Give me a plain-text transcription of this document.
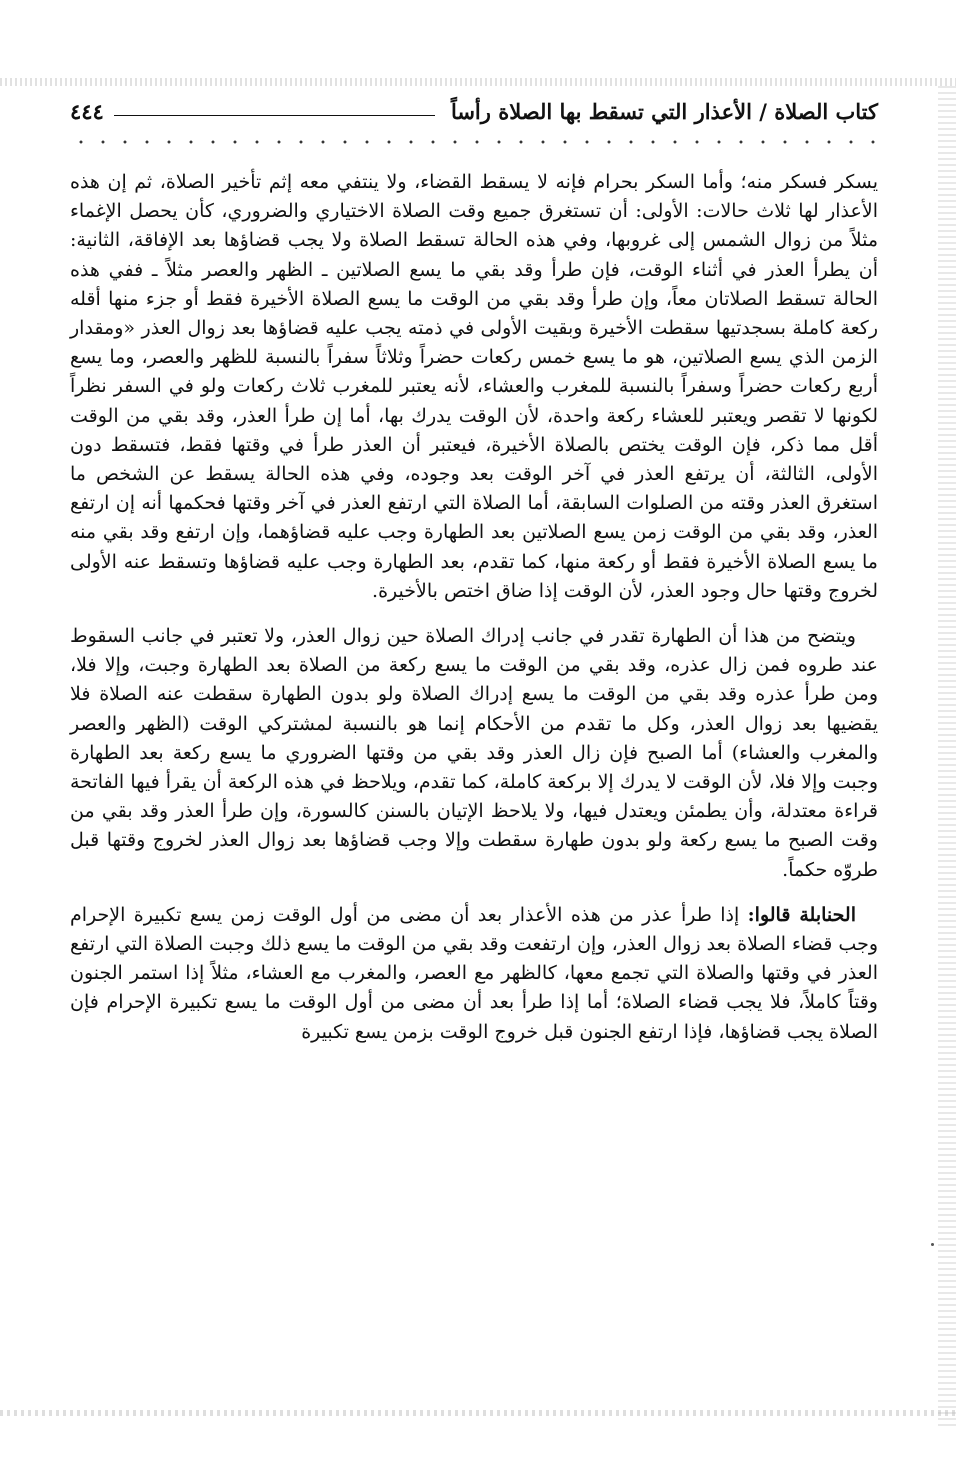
كتاب الصلاة / الأعذار التي تسقط بها الصلاة رأساً
٤٤٤

يسكر فسكر منه؛ وأما السكر بحرام فإنه لا يسقط القضاء، ولا ينتفي معه إثم تأخير الصلاة، ثم إن هذه الأعذار لها ثلاث حالات: الأولى: أن تستغرق جميع وقت الصلاة الاختياري والضروري، كأن يحصل الإغماء مثلاً من زوال الشمس إلى غروبها، وفي هذه الحالة تسقط الصلاة ولا يجب قضاؤها بعد الإفاقة، الثانية: أن يطرأ العذر في أثناء الوقت، فإن طرأ وقد بقي ما يسع الصلاتين ـ الظهر والعصر مثلاً ـ ففي هذه الحالة تسقط الصلاتان معاً، وإن طرأ وقد بقي من الوقت ما يسع الصلاة الأخيرة فقط أو جزء منها أقله ركعة كاملة بسجدتيها سقطت الأخيرة وبقيت الأولى في ذمته يجب عليه قضاؤها بعد زوال العذر «ومقدار الزمن الذي يسع الصلاتين، هو ما يسع خمس ركعات حضراً وثلاثاً سفراً بالنسبة للظهر والعصر، وما يسع أربع ركعات حضراً وسفراً بالنسبة للمغرب والعشاء، لأنه يعتبر للمغرب ثلاث ركعات ولو في السفر نظراً لكونها لا تقصر ويعتبر للعشاء ركعة واحدة، لأن الوقت يدرك بها، أما إن طرأ العذر، وقد بقي من الوقت أقل مما ذكر، فإن الوقت يختص بالصلاة الأخيرة، فيعتبر أن العذر طرأ في وقتها فقط، فتسقط دون الأولى، الثالثة، أن يرتفع العذر في آخر الوقت بعد وجوده، وفي هذه الحالة يسقط عن الشخص ما استغرق العذر وقته من الصلوات السابقة، أما الصلاة التي ارتفع العذر في آخر وقتها فحكمها أنه إن ارتفع العذر، وقد بقي من الوقت زمن يسع الصلاتين بعد الطهارة وجب عليه قضاؤهما، وإن ارتفع وقد بقي منه ما يسع الصلاة الأخيرة فقط أو ركعة منها، كما تقدم، بعد الطهارة وجب عليه قضاؤها وتسقط عنه الأولى لخروج وقتها حال وجود العذر، لأن الوقت إذا ضاق اختص بالأخيرة.

ويتضح من هذا أن الطهارة تقدر في جانب إدراك الصلاة حين زوال العذر، ولا تعتبر في جانب السقوط عند طروه فمن زال عذره، وقد بقي من الوقت ما يسع ركعة من الصلاة بعد الطهارة وجبت، وإلا فلا، ومن طرأ عذره وقد بقي من الوقت ما يسع إدراك الصلاة ولو بدون الطهارة سقطت عنه الصلاة فلا يقضيها بعد زوال العذر، وكل ما تقدم من الأحكام إنما هو بالنسبة لمشتركي الوقت (الظهر والعصر والمغرب والعشاء) أما الصبح فإن زال العذر وقد بقي من وقتها الضروري ما يسع ركعة بعد الطهارة وجبت وإلا فلا، لأن الوقت لا يدرك إلا بركعة كاملة، كما تقدم، ويلاحظ في هذه الركعة أن يقرأ فيها الفاتحة قراءة معتدلة، وأن يطمئن ويعتدل فيها، ولا يلاحظ الإتيان بالسنن كالسورة، وإن طرأ العذر وقد بقي من وقت الصبح ما يسع ركعة ولو بدون طهارة سقطت وإلا وجب قضاؤها بعد زوال العذر لخروج وقتها قبل طروّه حكماً.

الحنابلة قالوا: إذا طرأ عذر من هذه الأعذار بعد أن مضى من أول الوقت زمن يسع تكبيرة الإحرام وجب قضاء الصلاة بعد زوال العذر، وإن ارتفعت وقد بقي من الوقت ما يسع ذلك وجبت الصلاة التي ارتفع العذر في وقتها والصلاة التي تجمع معها، كالظهر مع العصر، والمغرب مع العشاء، مثلاً إذا استمر الجنون وقتاً كاملاً، فلا يجب قضاء الصلاة؛ أما إذا طرأ بعد أن مضى من أول الوقت ما يسع تكبيرة الإحرام فإن الصلاة يجب قضاؤها، فإذا ارتفع الجنون قبل خروج الوقت بزمن يسع تكبيرة
